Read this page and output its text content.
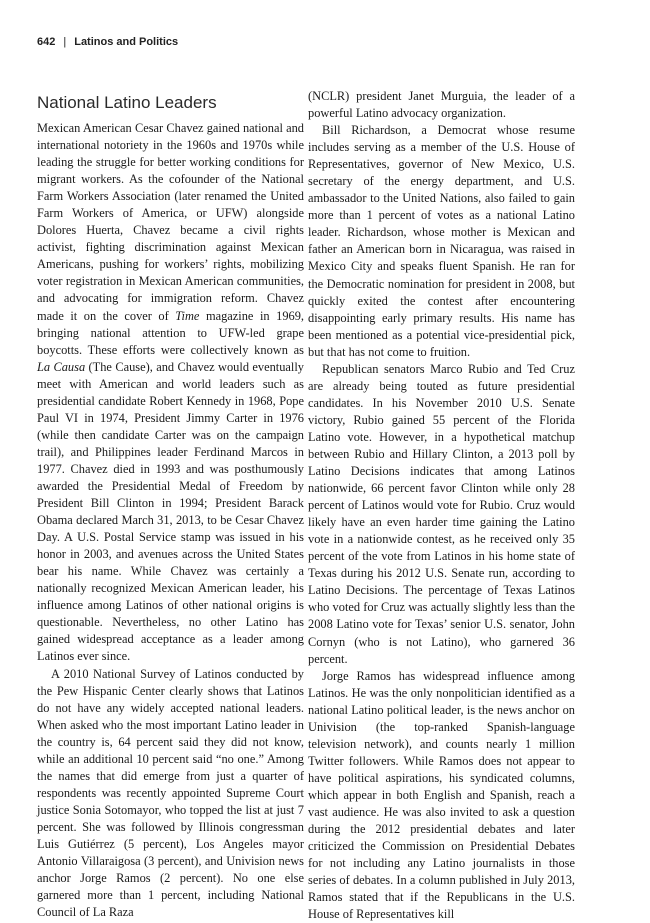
642 | Latinos and Politics
National Latino Leaders

Mexican American Cesar Chavez gained national and international notoriety in the 1960s and 1970s while leading the struggle for better working conditions for migrant workers. As the cofounder of the National Farm Workers Association (later renamed the United Farm Workers of America, or UFW) alongside Dolores Huerta, Chavez became a civil rights activist, fighting discrimination against Mexican Americans, pushing for workers’ rights, mobilizing voter registration in Mexican American communities, and advocating for immigration reform. Chavez made it on the cover of Time magazine in 1969, bringing national attention to UFW-led grape boycotts. These efforts were collectively known as La Causa (The Cause), and Chavez would eventually meet with American and world leaders such as presidential candidate Robert Kennedy in 1968, Pope Paul VI in 1974, President Jimmy Carter in 1976 (while then candidate Carter was on the campaign trail), and Philippines leader Ferdinand Marcos in 1977. Chavez died in 1993 and was posthumously awarded the Presidential Medal of Freedom by President Bill Clinton in 1994; President Barack Obama declared March 31, 2013, to be Cesar Chavez Day. A U.S. Postal Service stamp was issued in his honor in 2003, and avenues across the United States bear his name. While Chavez was certainly a nationally recognized Mexican American leader, his influence among Latinos of other national origins is questionable. Nevertheless, no other Latino has gained widespread acceptance as a leader among Latinos ever since.

A 2010 National Survey of Latinos conducted by the Pew Hispanic Center clearly shows that Latinos do not have any widely accepted national leaders. When asked who the most important Latino leader in the country is, 64 percent said they did not know, while an additional 10 percent said “no one.” Among the names that did emerge from just a quarter of respondents was recently appointed Supreme Court justice Sonia Sotomayor, who topped the list at just 7 percent. She was followed by Illinois congressman Luis Gutiérrez (5 percent), Los Angeles mayor Antonio Villaraigosa (3 percent), and Univision news anchor Jorge Ramos (2 percent). No one else garnered more than 1 percent, including National Council of La Raza

(NCLR) president Janet Murguia, the leader of a powerful Latino advocacy organization.

Bill Richardson, a Democrat whose resume includes serving as a member of the U.S. House of Representatives, governor of New Mexico, U.S. secretary of the energy department, and U.S. ambassador to the United Nations, also failed to gain more than 1 percent of votes as a national Latino leader. Richardson, whose mother is Mexican and father an American born in Nicaragua, was raised in Mexico City and speaks fluent Spanish. He ran for the Democratic nomination for president in 2008, but quickly exited the contest after encountering disappointing early primary results. His name has been mentioned as a potential vice-presidential pick, but that has not come to fruition.

Republican senators Marco Rubio and Ted Cruz are already being touted as future presidential candidates. In his November 2010 U.S. Senate victory, Rubio gained 55 percent of the Florida Latino vote. However, in a hypothetical matchup between Rubio and Hillary Clinton, a 2013 poll by Latino Decisions indicates that among Latinos nationwide, 66 percent favor Clinton while only 28 percent of Latinos would vote for Rubio. Cruz would likely have an even harder time gaining the Latino vote in a nationwide contest, as he received only 35 percent of the vote from Latinos in his home state of Texas during his 2012 U.S. Senate run, according to Latino Decisions. The percentage of Texas Latinos who voted for Cruz was actually slightly less than the 2008 Latino vote for Texas’ senior U.S. senator, John Cornyn (who is not Latino), who garnered 36 percent.

Jorge Ramos has widespread influence among Latinos. He was the only nonpolitician identified as a national Latino political leader, is the news anchor on Univision (the top-ranked Spanish-language television network), and counts nearly 1 million Twitter followers. While Ramos does not appear to have political aspirations, his syndicated columns, which appear in both English and Spanish, reach a vast audience. He was also invited to ask a question during the 2012 presidential debates and later criticized the Commission on Presidential Debates for not including any Latino journalists in those series of debates. In a column published in July 2013, Ramos stated that if the Republicans in the U.S. House of Representatives kill
